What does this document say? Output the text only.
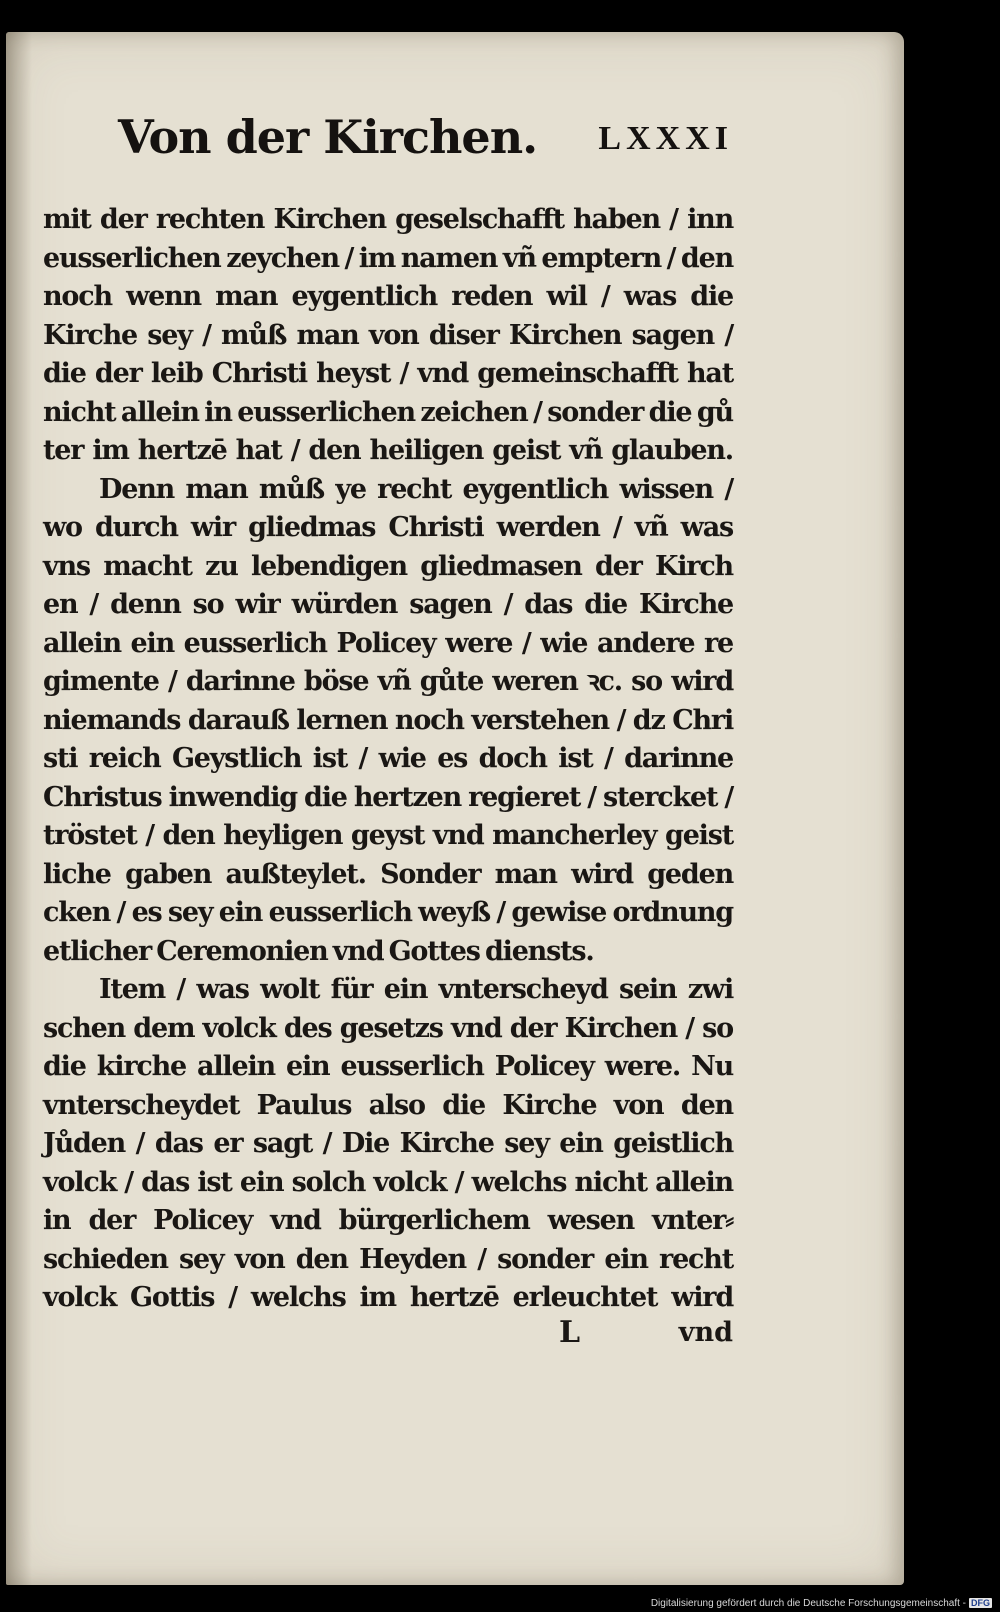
Von der Kirchen. LXXXI
mit der rechten Kirchen geselschafft haben / inn
eusserlichen zeychen / im namen vñ emptern / den
noch wenn man eygentlich reden wil / was die
Kirche sey / můß man von diser Kirchen sagen /
die der leib Christi heyst / vnd gemeinschafft hat
nicht allein in eusserlichen zeichen / sonder die gů
ter im hertzē hat / den heiligen geist vñ glauben.
Denn man můß ye recht eygentlich wissen /
wo durch wir gliedmas Christi werden / vñ was
vns macht zu lebendigen gliedmasen der Kirch
en / denn so wir würden sagen / das die Kirche
allein ein eusserlich Policey were / wie andere re
gimente / darinne böse vñ gůte weren ꝛc. so wird
niemands darauß lernen noch verstehen / dz Chri
sti reich Geystlich ist / wie es doch ist / darinne
Christus inwendig die hertzen regieret / stercket /
tröstet / den heyligen geyst vnd mancherley geist
liche gaben außteylet. Sonder man wird geden
cken / es sey ein eusserlich weyß / gewise ordnung
etlicher Ceremonien vnd Gottes diensts.
Item / was wolt für ein vnterscheyd sein zwi
schen dem volck des gesetzs vnd der Kirchen / so
die kirche allein ein eusserlich Policey were. Nu
vnterscheydet Paulus also die Kirche von den
Jůden / das er sagt / Die Kirche sey ein geistlich
volck / das ist ein solch volck / welchs nicht allein
in der Policey vnd bürgerlichem wesen vnter⸗
schieden sey von den Heyden / sonder ein recht
volck Gottis / welchs im hertzē erleuchtet wird
L	vnd
Digitalisierung gefördert durch die Deutsche Forschungsgemeinschaft - DFG
